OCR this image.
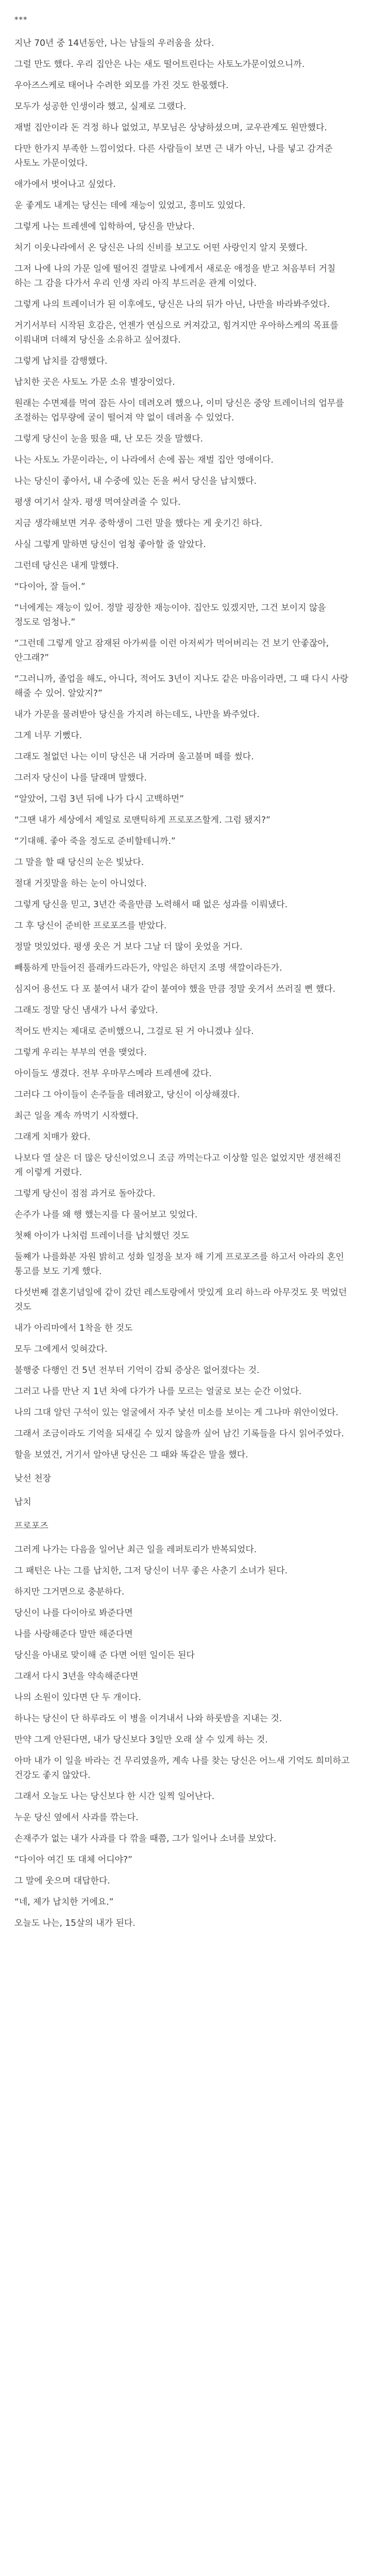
***
지난 70년 중 14년동안, 나는 남들의 우러움을 샀다.
그럴 만도 했다. 우리 집안은 나는 새도 떨어트린다는 사토노가문이었으니까.
우아즈스케로 태어나 수려한 외모를 가진 것도 한몫했다.
모두가 성공한 인생이라 했고, 실제로 그랬다.
재벌 집안이라 돈 걱정 하나 없었고, 부모님은 상냥하셨으며, 교우관계도 원만했다.
다만 한가지 부족한 느낌이었다. 다른 사람들이 보면 근 내가 아닌, 나를 넣고 감겨준 사토노 가문이었다.
애가에서 벗어나고 싶었다.
운 좋게도 내게는 당신는 데에 재능이 있었고, 흥미도 있었다.
그렇게 나는 트레센에 입학하여, 당신을 만났다.
처기 이웃나라에서 온 당신은 나의 신비를 보고도 어떤 사랑인지 알지 못했다.
그저 나에 나의 가문 일에 떨어진 결말로 나에게서 새로운 애정을 받고 처음부터 거칠 하는 그 감을 다가서 우리 인생 자리 아직 부드러운 관계 이었다.
그렇게 나의 트레이너가 된 이후에도, 당신은 나의 뒤가 아닌, 나만을 바라봐주었다.
거기서부터 시작된 호감은, 언젠가 연심으로 커져갔고, 힘겨지만 우아하스케의 목표를 이뤄내며 더해져 당신을 소유하고 싶어졌다.
그렇게 납치를 감행했다.
납치한 곳은 사토노 가문 소유 별장이었다.
원래는 수면제를 먹여 잡든 사이 데려오려 했으나, 이미 당신은 중앙 트레이너의 업무를 조절하는 업무량에 굴이 떨어져 약 없이 데려올 수 있었다.
그렇게 당신이 눈을 떴을 때, 난 모든 것을 말했다.
나는 사토노 가문이라는, 이 나라에서 손에 꼽는 재벌 집안 영애이다.
나는 당신이 좋아서, 내 수중에 있는 돈을 써서 당신을 납치했다.
평생 여기서 살자. 평생 먹여살려줄 수 있다.
지금 생각해보면 겨우 중학생이 그런 말을 했다는 게 웃기긴 하다.
사실 그렇게 말하면 당신이 엄청 좋아할 줄 알았다.
그런데 당신은 내게 말했다.
“다이아, 잘 들어.”
“너에게는 재능이 있어. 정말 굉장한 재능이야. 집안도 있겠지만, 그건 보이지 않을 정도로 엄청나.”
“그런데 그렇게 알고 잠재된 아가씨를 이런 아저씨가 먹어버리는 건 보기 안좋잖아, 안그래?”
“그러니까, 졸업을 해도, 아니다, 적어도 3년이 지나도 같은 마음이라면, 그 때 다시 사랑 해줄 수 있어. 알았지?”
내가 가문을 물려받아 당신을 가지려 하는데도, 나만을 봐주었다.
그게 너무 기뻤다.
그래도 철없던 나는 이미 당신은 내 거라며 울고불며 떼를 썼다.
그러자 당신이 나를 달래며 말했다.
“알았어, 그럼 3년 뒤에 나가 다시 고백하면”
“그땐 내가 세상에서 제일로 로맨틱하게 프로포즈할게. 그럼 됐지?”
“기대해. 좋아 죽을 정도로 준비할테니까.”
그 말을 할 때 당신의 눈은 빛났다.
절대 거짓말을 하는 눈이 아니었다.
그렇게 당신을 믿고, 3년간 죽을만큼 노력해서 때 없은 성과를 이뤄냈다.
그 후 당신이 준비한 프로포즈를 받았다.
정말 멋있었다. 평생 웃은 거 보다 그날 더 많이 웃었을 거다.
빼툼하게 만들어진 플래카드라든가, 약일은 하던지 조명 색깔이라든가.
심지어 용선도 다 포 붙여서 내가 같이 붙여야 했을 만큼 정말 웃겨서 쓰러질 뻔 했다.
그래도 정말 당신 냄새가 나서 좋았다.
적어도 반지는 제대로 준비했으니, 그걸로 된 거 아니겠냐 싶다.
그렇게 우리는 부부의 연을 맺었다.
아이들도 생겼다. 전부 우마무스메라 트레센에 갔다.
그러다 그 아이들이 손주들을 데려왔고, 당신이 이상해졌다.
최근 일을 계속 까먹기 시작했다.
그래게 치매가 왔다.
나보다 열 살은 더 많은 당신이었으니 조금 까먹는다고 이상할 일은 없었지만 생전해진 게 이렇게 거렸다.
그렇게 당신이 점점 과거로 돌아갔다.
손주가 나를 왜 행 했는지를 다 물어보고 잊었다.
첫째 아이가 나처럼 트레이너를 납치했던 것도
둘째가 나를화분 자원 밝히고 성화 일정을 보자 해 기게 프로포즈를 하고서 아라의 혼인 통고를 보도 기게 했다.
다섯번째 결혼기념일에 같이 갔던 레스토랑에서 맛있게 요리 하느라 아무것도 못 먹었던 것도
내가 아리마에서 1착을 한 것도
모두 그에게서 잊혀갔다.
불행중 다행인 건 5년 전부터 기억이 감퇴 증상은 없어졌다는 것.
그러고 나를 만난 지 1년 차에 다가가 나를 모르는 얼굴로 보는 순간 이었다.
나의 그대 알던 구석이 있는 얼굴에서 자주 낯선 미소를 보이는 게 그나마 위안이었다.
그래서 조금이라도 기억을 되새길 수 있지 않을까 싶어 남긴 기록들을 다시 읽어주었다.
할을 보였건, 거기서 알아낸 당신은 그 때와 똑같은 말을 했다.
낮선 천장
납치
프로포즈
그러게 나가는 다음을 일어난 최근 일을 레퍼토리가 반복되었다.
그 패턴은 나는 그를 납치한, 그저 당신이 너무 좋은 사춘기 소녀가 된다.
하지만 그거면으로 충분하다.
당신이 나를 다이아로 봐준다면
나를 사랑해준다 말만 해준다면
당신을 아내로 맞이해 준 다면 어떤 일이든 된다
그래서 다시 3년을 약속해준다면
나의 소원이 있다면 단 두 개이다.
하나는 당신이 단 하루라도 이 병을 이겨내서 나와 하룻밤을 지내는 것.
만약 그게 안된다면, 내가 당신보다 3일만 오래 살 수 있게 하는 것.
아마 내가 이 일을 바라는 건 무리였을까, 계속 나를 찾는 당신은 어느새 기억도 희미하고 건강도 좋지 않았다.
그래서 오늘도 나는 당신보다 한 시간 일찍 일어난다.
누운 당신 옆에서 사과를 깎는다.
손재주가 없는 내가 사과를 다 깎을 때쯤, 그가 일어나 소녀를 보았다.
“다이아 여긴 또 대체 어디야?”
그 말에 웃으며 대답한다.
“네, 제가 납치한 거에요.”
오늘도 나는, 15살의 내가 된다.
